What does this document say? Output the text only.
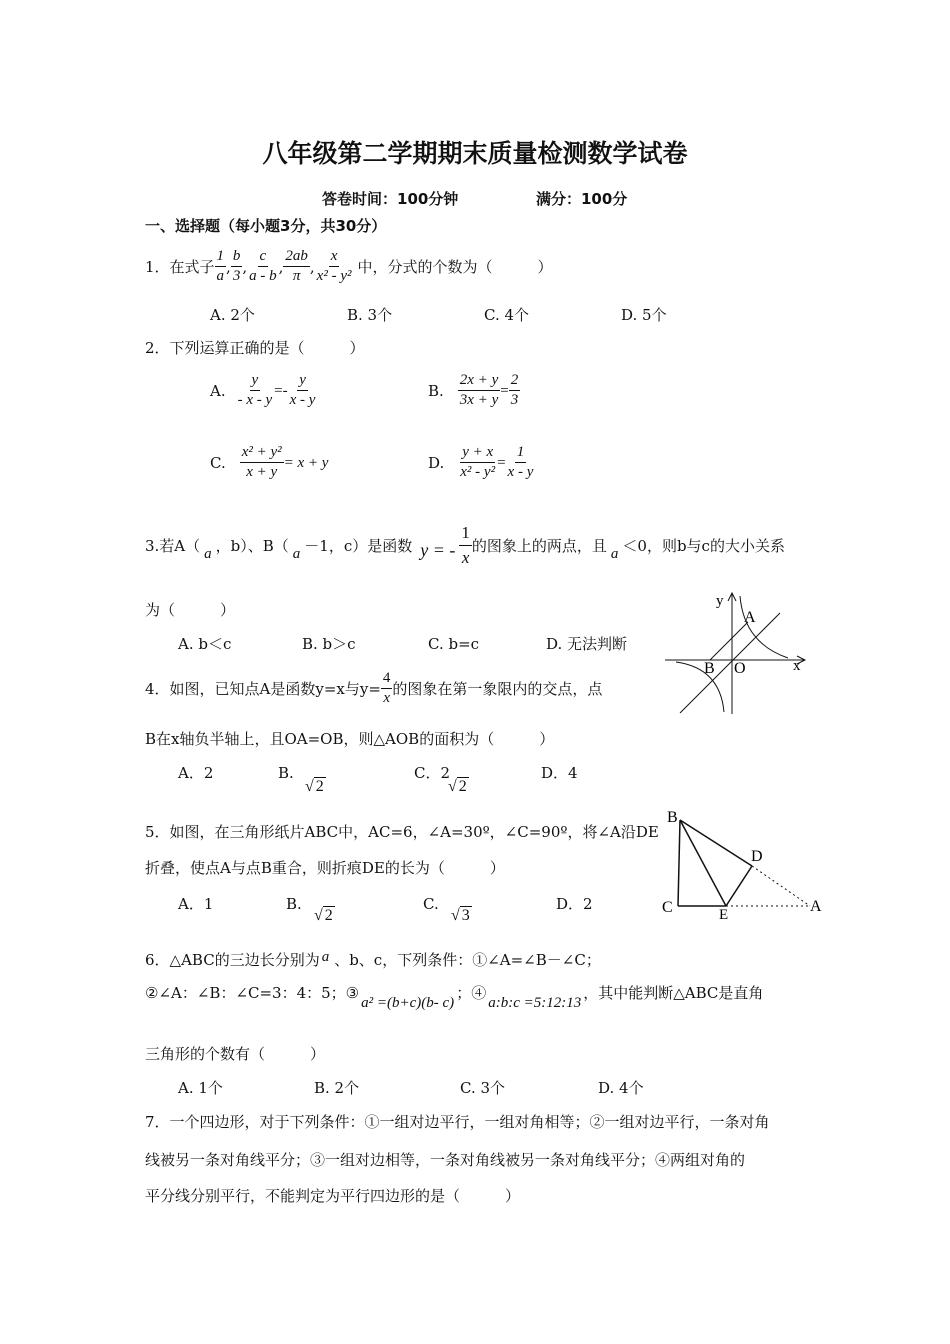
八年级第二学期期末质量检测数学试卷
答卷时间：100分钟	满分：100分
一、选择题（每小题3分，共30分）
1．在式子 $\frac{1}{a}$ , $\frac{b}{3}$ , $\frac{c}{a - b}$ , $\frac{2ab}{\pi}$ , $\frac{x}{\text{x² - y²}}$ 中，分式的个数为（　　　）
A. 2个	B. 3个	C. 4个	D. 5个
2．下列运算正确的是（　　　）
A. $\frac{y}{- x - y} =- \frac{y}{x - y}$	B. $\frac{2x + y}{3x + y} = \frac{2}{3}$
C. $\frac{\text{x² + y²}}{x + y} = x + y$	D. $\frac{y + x}{\text{x² - y²}} = \frac{1}{x - y}$
3.若A（ a ，b）、B（ a －1，c）是函数 y = - $\frac{1}{x}$ 的图象上的两点，且 a ＜0，则b与c的大小关系
为（　　　）
A. b＜c	B. b＞c	C. b=c	D. 无法判断
y
A
B O	x
4．如图，已知点A是函数y=x与$y= \frac{4}{x}$ 的图象在第一象限内的交点，点
B在x轴负半轴上，且OA=OB，则△AOB的面积为（　　　）
A．2	B.
√ 2
C．2
√ 2
D．4
B
C
D
E	A
5．如图，在三角形纸片ABC中，AC=6，∠A=30º，∠C=90º，将∠A沿DE
折叠，使点A与点B重合，则折痕DE的长为（　　　）
A．1	B.
√ 2
C.
√ 3
D．2
6．△ABC的三边长分别为 a 、b、c，下列条件：①∠A=∠B－∠C；
②∠A：∠B：∠C=3：4：5；③
a² =(b+c)(b- c)
；④
a:b:c =5:12:13
，其中能判断△ABC是直角
三角形的个数有（　　　）
A. 1个	B. 2个	C. 3个	D. 4个
7．一个四边形，对于下列条件：①一组对边平行，一组对角相等；②一组对边平行，一条对角
线被另一条对角线平分；③一组对边相等，一条对角线被另一条对角线平分；④两组对角的
平分线分别平行，不能判定为平行四边形的是（　　　）
